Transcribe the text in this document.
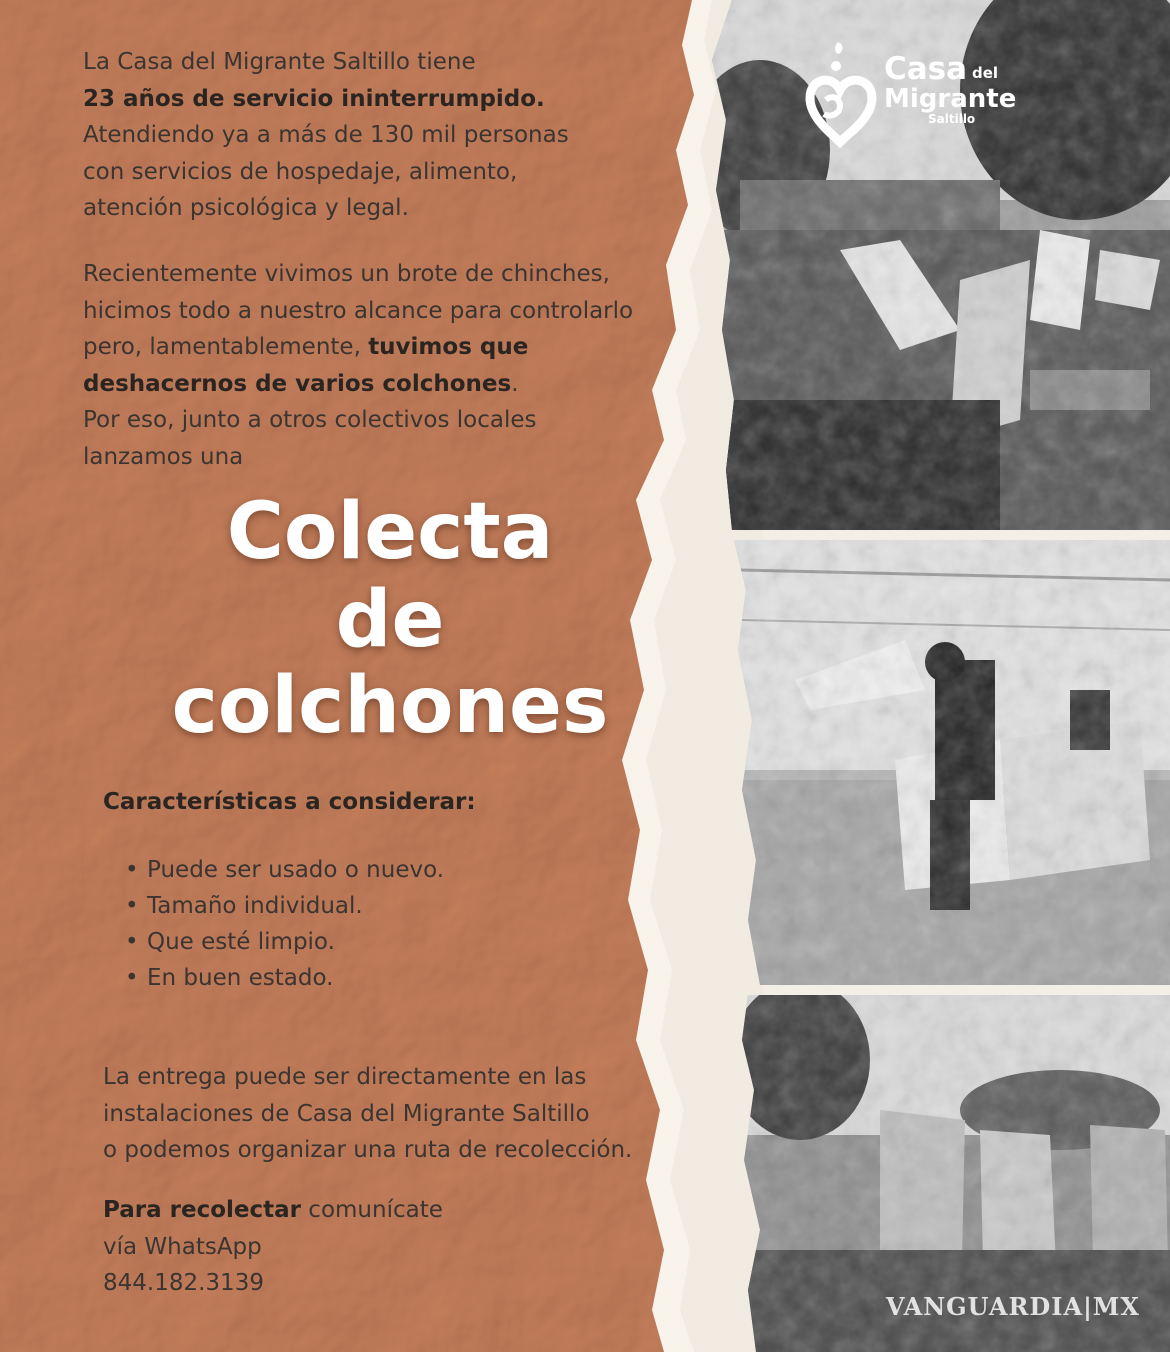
Casa del
Migrante
Saltillo

La Casa del Migrante Saltillo tiene
23 años de servicio ininterrumpido.
Atendiendo ya a más de 130 mil personas
con servicios de hospedaje, alimento,
atención psicológica y legal.

Recientemente vivimos un brote de chinches,
hicimos todo a nuestro alcance para controlarlo
pero, lamentablemente, tuvimos que
deshacernos de varios colchones.
Por eso, junto a otros colectivos locales
lanzamos una

Colecta
de
colchones

Características a considerar:

• Puede ser usado o nuevo.
• Tamaño individual.
• Que esté limpio.
• En buen estado.

La entrega puede ser directamente en las
instalaciones de Casa del Migrante Saltillo
o podemos organizar una ruta de recolección.

Para recolectar comunícate
vía WhatsApp
844.182.3139

VANGUARDIA|MX
